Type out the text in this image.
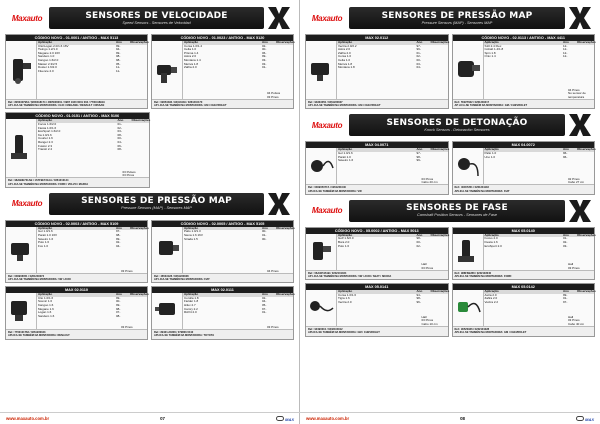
Maxauto	SENSORES DE VELOCIDADE
Speed Sensors - Sensores de Velocidad
CÓDIGO NOVO - 01.0001 / ANTIGO - MAX 5113
Aplicação	Ano	Observações
Clio/Logan 2.0/1.6 16V	99-
Twingo 1.2/1.0	94-
Megane 2.0 16V	99-
Sandero 1.0	08-
Kangoo 1.6/2.0	98-
Master 2.3/2.5	05-
Duster 1.6/2.0	11-
Fluence 2.0	11-
Ref.: 8200327964 / 8200318174 / 4805000001 / 0987 1320 0001 003 / 7700418919
AP LICA-SE TAMBÉM NA MONTADORA: CLIO / MEGANE / RENAULT / NISSAN
CÓDIGO NOVO - 01.0023 / ANTIGO - MAX 5120
Aplicação	Ano	Observações
Corsa 1.0/1.4	02-
Celta 1.0	00-
Prisma 1.4	06-
Astra 2.0	99-
Montana 1.4	03-
Meriva 1.8	03-
Zafira 2.0	01-
04 Pulsos
03 Pinos
Ref.: 09053496 / 93313449 / 0261210170
AP LICA-SE TAMBÉM NA MONTADORA: GM / CHEVROLET
CÓDIGO NOVO - 01.0151 / ANTIGO - MAX 5106
Aplicação	Ano	Observações
Focus 1.6/2.0	01-
Fiesta 1.0/1.6	02-
EcoSport 1.6/2.0	03-
Ka 1.0/1.6	08-
Courier 1.6	00-
Ranger 2.3	04-
Fusion 2.3	06-
Transit 2.4	08-
03 Pulsos
03 Pinos
Ref.: 98AB9E731AB / 1S7F9E731AA / 0261210144
AP LICA-SE TAMBÉM NA MONTADORA: FORD / VOLVO / MAZDA
Maxauto	SENSORES DE PRESSÃO MAP
Pressure Sensors (MAP) - Sensores MAP
CÓDIGO NOVO - 02.0003 / ANTIGO - MAX 5109
Aplicação	Ano	Observações
Gol 1.0/1.6	97-
Parati 1.0 16V	98-
Saveiro 1.6	99-
Polo 1.6	02-
Fox 1.0	04-
03 Pinos
Ref.: 036906051 / 0261230073
AP LICA-SE TAMBÉM NA MONTADORA: VW / AUDI
CÓDIGO NOVO - 02.0005 / ANTIGO - MAX 5105
Aplicação	Ano	Observações
Palio 1.0/1.3	00-
Siena 1.6 16V	01-
Strada 1.5	00-
04 Pinos
Ref.: 46533128 / 0261230028
AP LICA-SE TAMBÉM NA MONTADORA: FIAT
MAX 02.0110
Aplicação	Ano	Observações
Clio 1.0/1.6	99-
Scenic 1.6	00-
Kangoo 1.6	99-
Megane 1.6	98-
Logan 1.6	07-
Sandero 1.6	08-
03 Pinos
Ref.: 7700101762 / 0261230043
APLICA-SE TAMBÉM NA MONTADORA: RENAULT
MAX 02.0111
Aplicação	Ano	Observações
Corolla 1.8	02-
Fielder 1.8	04-
Hilux 2.7	05-
Camry 2.2	97-
RAV4 2.0	01-
03 Pinos
Ref.: 89421-20200 / 079800-5410
APLICA-SE TAMBÉM NA MONTADORA: TOYOTA
www.maxauto.com.br	07	MAX
Maxauto	SENSORES DE PRESSÃO MAP
Pressure Sensors (MAP) - Sensores MAP
MAX 02.0112
Aplicação	Ano	Observações
Vectra 2.0/2.2	97-
Astra 2.0	99-
Zafira 2.0	01-
Corsa 1.0	02-
Celta 1.0	00-
Meriva 1.8	03-
Montana 1.8	04-
Ref.: 93333350 / 0261230027
AP LICA-SE TAMBÉM NA MONTADORA: GM / CHEVROLET
CÓDIGO NOVO - 02.0113 / ANTIGO - MAX 4411
Aplicação	Ano	Observações
S10 2.4 Flex	12-
Cobalt 1.4/1.8	12-
Spin 1.8	12-
Onix 1.4	12-
04 Pinos
No sensor de temperatura
Ref.: 55227632 / 0261230217
AP LICA-SE TAMBÉM NA MONTADORA: GM / CHEVROLET
Maxauto	SENSORES DE DETONAÇÃO
Knock Sensors - Detonación Sensores
MAX 04.0071
Aplicação	Ano	Observações
Gol 1.0/1.6	97-
Parati 1.0	98-
Saveiro 1.6	99-
03 Pinos
Cabo 20 cm
Ref.: 030905377A / 0261231046
APLICA-SE TAMBÉM NA MONTADORA: VW
MAX 04.0072
Aplicação	Ano	Observações
Palio 1.0	96-
Uno 1.0	96-
02 Pinos
Cabo 27 cm
Ref.: 46467261 / 0261231118
APLICA-SE TAMBÉM NA MONTADORA: FIAT
Maxauto	SENSORES DE FASE
Camshaft Position Sensors - Sensores de Fase
CÓDIGO NOVO - 05.0002 / ANTIGO - MAX 5013
Aplicação	Ano	Observações
Golf 1.6/2.0	98-
Bora 2.0	00-
Polo 1.6	02-
Hall
03 Pinos
Ref.: 06A905161B / 0232101024
AP LICA-SE TAMBÉM NA MONTADORA: VW / AUDI / SEAT / SKODA
MAX 05.0140
Aplicação	Ano	Observações
Focus 2.0	01-
Fiesta 1.6	02-
EcoSport 2.0	03-
Hall
03 Pinos
Ref.: 988F6B288 / 0232103040
APLICA-SE TAMBÉM NA MONTADORA: FORD
MAX 05.0141
Aplicação	Ano	Observações
Corsa 1.0/1.6	94-
Tigra 1.6	98-
Vectra 2.0	96-
Hall
03 Pinos
Cabo 10 cm
Ref.: 90490010 / 0232103012
APLICA-SE TAMBÉM NA MONTADORA: GM / CHEVROLET
MAX 05.0142
Aplicação	Ano	Observações
Astra 2.0	99-
Zafira 2.0	01-
Vectra 2.2	97-
Hall
03 Pinos
Cabo 40 cm
Ref.: 90520936 / 0232101028
APLICA-SE TAMBÉM NA MONTADORA: GM / CHEVROLET
www.maxauto.com.br	08	MAX
